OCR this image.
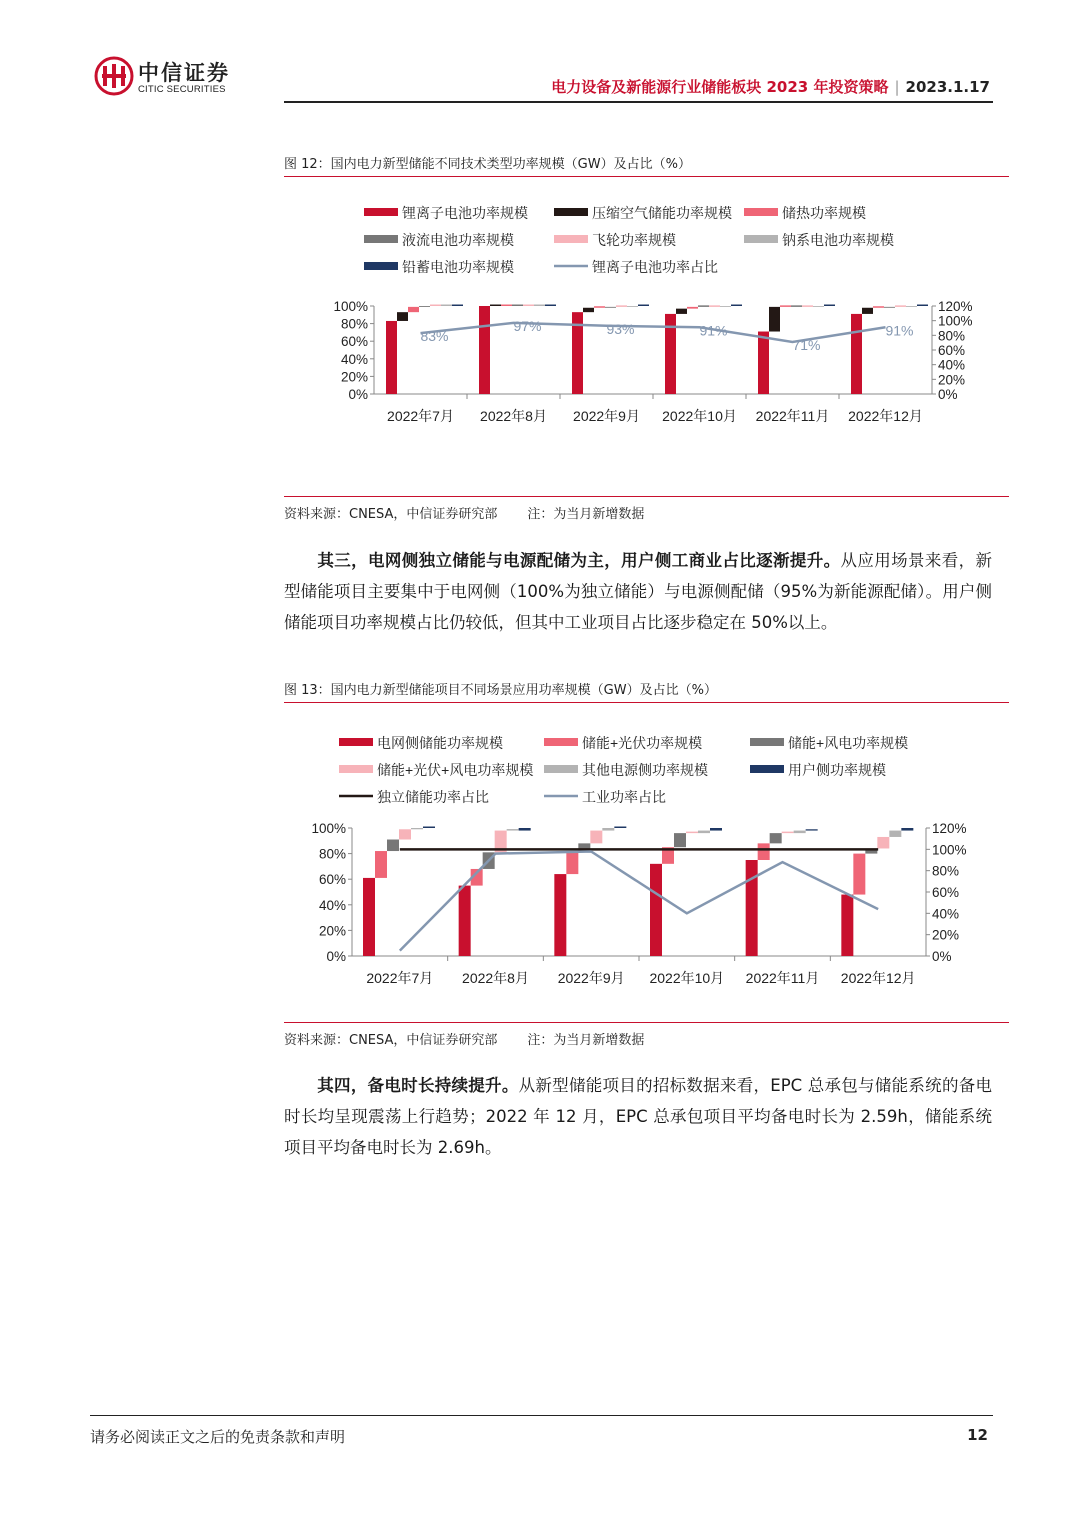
中信证券
CITIC SECURITIES	电力设备及新能源行业储能板块 2023 年投资策略 | 2023.1.17
图 12：国内电力新型储能不同技术类型功率规模（GW）及占比（%）
锂离子电池功率规模	压缩空气储能功率规模	储热功率规模
液流电池功率规模	飞轮功率规模	钠系电池功率规模
铅蓄电池功率规模	锂离子电池功率占比
0%
20%
40%
60%
80%
100%
0%
20%
40%
60%
80%
100%
120%
2022年7月 2022年8月 2022年9月 2022年10月 2022年11月 2022年12月
83%
97%	93%	91%
71%
91%
资料来源：CNESA，中信证券研究部 注：为当月新增数据
其三，电网侧独立储能与电源配储为主，用户侧工商业占比逐渐提升。从应用场景来看，新型储能项目主要集中于电网侧（100%为独立储能）与电源侧配储（95%为新能源配储）。用户侧储能项目功率规模占比仍较低，但其中工业项目占比逐步稳定在 50%以上。
图 13：国内电力新型储能项目不同场景应用功率规模（GW）及占比（%）
电网侧储能功率规模	储能+光伏功率规模	储能+风电功率规模
储能+光伏+风电功率规模	其他电源侧功率规模	用户侧功率规模
独立储能功率占比	工业功率占比
0%
20%
40%
60%
80%
100%
0%
20%
40%
60%
80%
100%
120%
2022年7月 2022年8月 2022年9月 2022年10月 2022年11月 2022年12月
资料来源：CNESA，中信证券研究部 注：为当月新增数据
其四，备电时长持续提升。从新型储能项目的招标数据来看，EPC 总承包与储能系统的备电时长均呈现震荡上行趋势；2022 年 12 月，EPC 总承包项目平均备电时长为 2.59h，储能系统项目平均备电时长为 2.69h。
请务必阅读正文之后的免责条款和声明	12
